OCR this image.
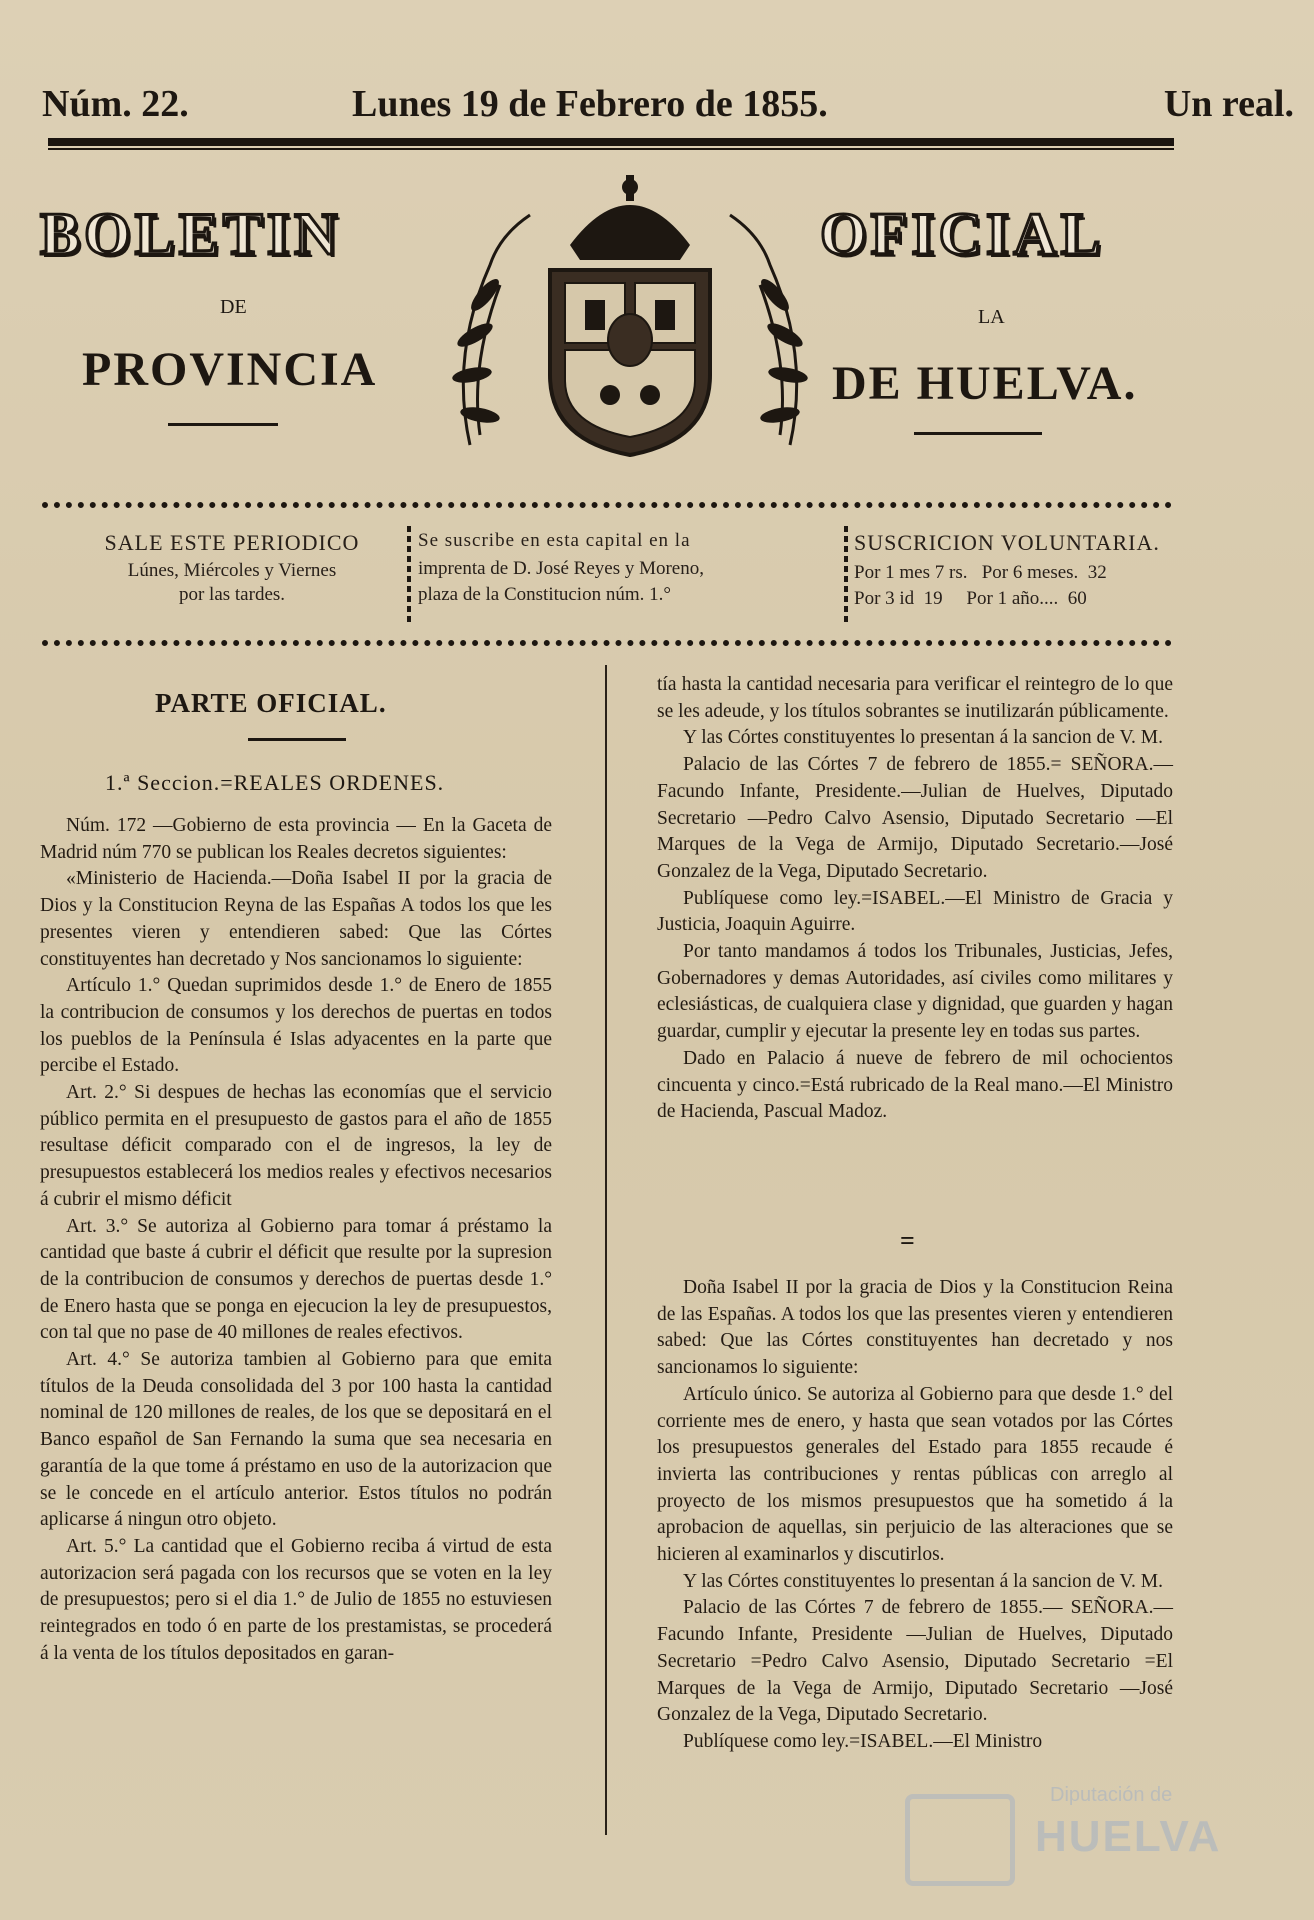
Núm. 22.	Lunes 19 de Febrero de 1855.	Un real.
BOLETIN
DE
PROVINCIA
OFICIAL
LA
DE HUELVA.
SALE ESTE PERIODICO
Lúnes, Miércoles y Viernes
por las tardes.
Se suscribe en esta capital en la
imprenta de D. José Reyes y Moreno,
plaza de la Constitucion núm. 1.°
SUSCRICION VOLUNTARIA.
Por 1 mes 7 rs.   Por 6 meses.  32
Por 3 id  19     Por 1 año....  60
PARTE OFICIAL.
1.ª Seccion.=REALES ORDENES.

Núm. 172 —Gobierno de esta provincia — En la Gaceta de Madrid núm 770 se publican los Reales decretos siguientes:

«Ministerio de Hacienda.—Doña Isabel II por la gracia de Dios y la Constitucion Reyna de las Españas A todos los que les presentes vieren y entendieren sabed: Que las Córtes constituyentes han decretado y Nos sancionamos lo siguiente:

Artículo 1.° Quedan suprimidos desde 1.° de Enero de 1855 la contribucion de consumos y los derechos de puertas en todos los pueblos de la Península é Islas adyacentes en la parte que percibe el Estado.

Art. 2.° Si despues de hechas las economías que el servicio público permita en el presupuesto de gastos para el año de 1855 resultase déficit comparado con el de ingresos, la ley de presupuestos establecerá los medios reales y efectivos necesarios á cubrir el mismo déficit

Art. 3.° Se autoriza al Gobierno para tomar á préstamo la cantidad que baste á cubrir el déficit que resulte por la supresion de la contribucion de consumos y derechos de puertas desde 1.° de Enero hasta que se ponga en ejecucion la ley de presupuestos, con tal que no pase de 40 millones de reales efectivos.

Art. 4.° Se autoriza tambien al Gobierno para que emita títulos de la Deuda consolidada del 3 por 100 hasta la cantidad nominal de 120 millones de reales, de los que se depositará en el Banco español de San Fernando la suma que sea necesaria en garantía de la que tome á préstamo en uso de la autorizacion que se le concede en el artículo anterior. Estos títulos no podrán aplicarse á ningun otro objeto.

Art. 5.° La cantidad que el Gobierno reciba á virtud de esta autorizacion será pagada con los recursos que se voten en la ley de presupuestos; pero si el dia 1.° de Julio de 1855 no estuviesen reintegrados en todo ó en parte de los prestamistas, se procederá á la venta de los títulos depositados en garan-

tía hasta la cantidad necesaria para verificar el reintegro de lo que se les adeude, y los títulos sobrantes se inutilizarán públicamente.

Y las Córtes constituyentes lo presentan á la sancion de V. M.

Palacio de las Córtes 7 de febrero de 1855.= SEÑORA.—Facundo Infante, Presidente.—Julian de Huelves, Diputado Secretario —Pedro Calvo Asensio, Diputado Secretario —El Marques de la Vega de Armijo, Diputado Secretario.—José Gonzalez de la Vega, Diputado Secretario.

Publíquese como ley.=ISABEL.—El Ministro de Gracia y Justicia, Joaquin Aguirre.

Por tanto mandamos á todos los Tribunales, Justicias, Jefes, Gobernadores y demas Autoridades, así civiles como militares y eclesiásticas, de cualquiera clase y dignidad, que guarden y hagan guardar, cumplir y ejecutar la presente ley en todas sus partes.

Dado en Palacio á nueve de febrero de mil ochocientos cincuenta y cinco.=Está rubricado de la Real mano.—El Ministro de Hacienda, Pascual Madoz.

=

Doña Isabel II por la gracia de Dios y la Constitucion Reina de las Españas. A todos los que las presentes vieren y entendieren sabed: Que las Córtes constituyentes han decretado y nos sancionamos lo siguiente:

Artículo único. Se autoriza al Gobierno para que desde 1.° del corriente mes de enero, y hasta que sean votados por las Córtes los presupuestos generales del Estado para 1855 recaude é invierta las contribuciones y rentas públicas con arreglo al proyecto de los mismos presupuestos que ha sometido á la aprobacion de aquellas, sin perjuicio de las alteraciones que se hicieren al examinarlos y discutirlos.

Y las Córtes constituyentes lo presentan á la sancion de V. M.

Palacio de las Córtes 7 de febrero de 1855.— SEÑORA.—Facundo Infante, Presidente —Julian de Huelves, Diputado Secretario =Pedro Calvo Asensio, Diputado Secretario =El Marques de la Vega de Armijo, Diputado Secretario —José Gonzalez de la Vega, Diputado Secretario.

Publíquese como ley.=ISABEL.—El Ministro

Diputación de
HUELVA
